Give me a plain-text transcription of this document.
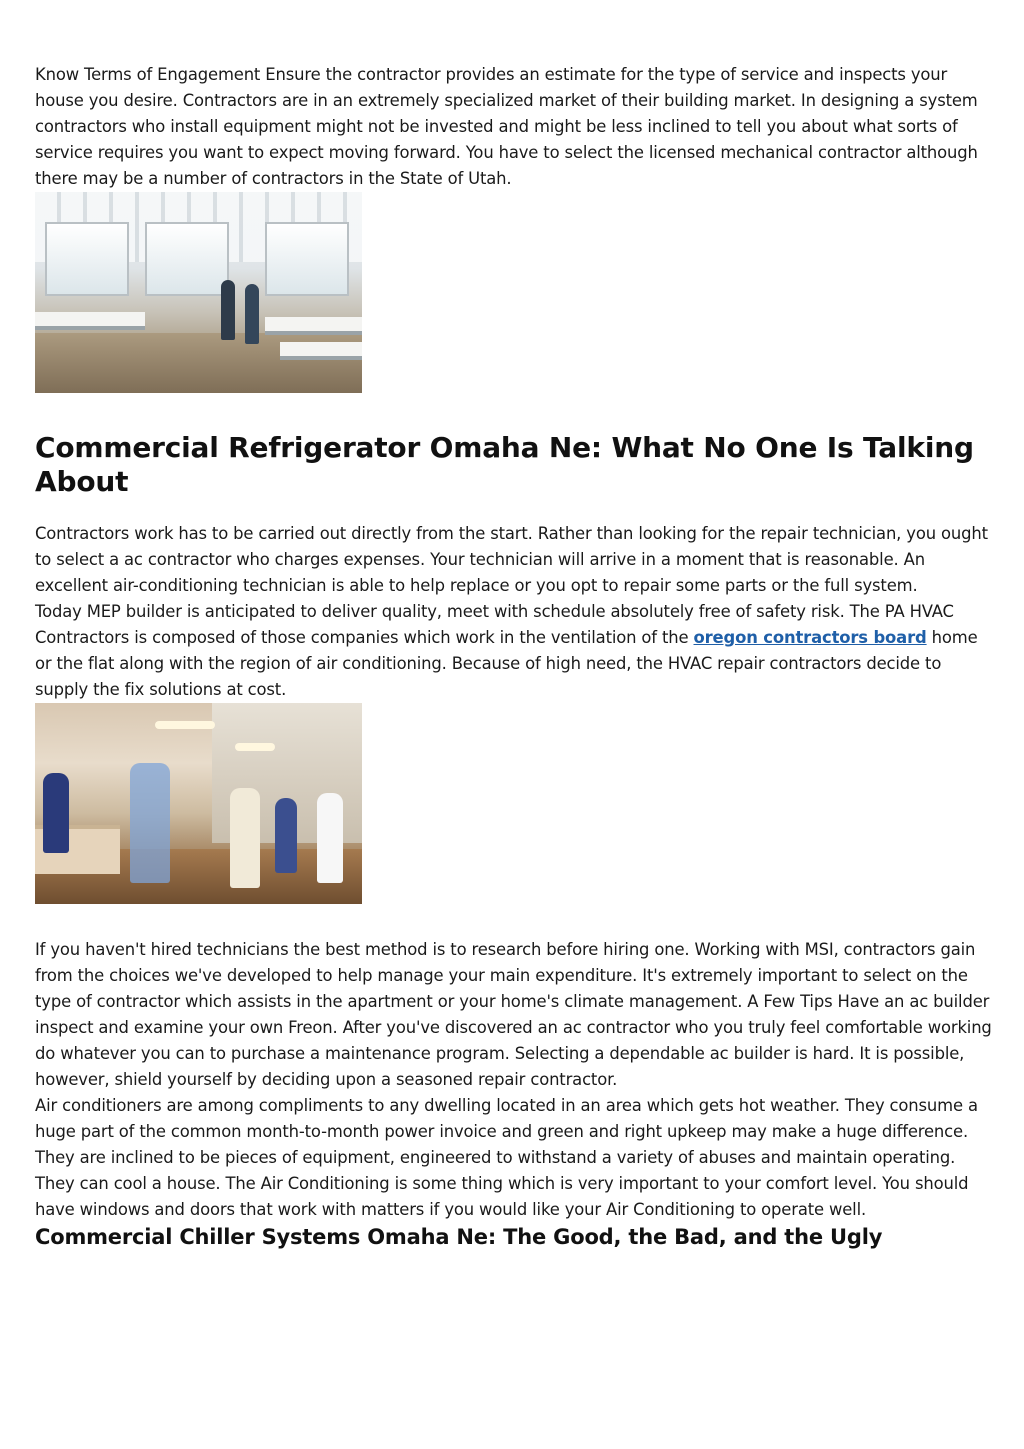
Know Terms of Engagement Ensure the contractor provides an estimate for the type of service and inspects your house you desire. Contractors are in an extremely specialized market of their building market. In designing a system contractors who install equipment might not be invested and might be less inclined to tell you about what sorts of service requires you want to expect moving forward. You have to select the licensed mechanical contractor although there may be a number of contractors in the State of Utah.

Commercial Refrigerator Omaha Ne: What No One Is Talking About

Contractors work has to be carried out directly from the start. Rather than looking for the repair technician, you ought to select a ac contractor who charges expenses. Your technician will arrive in a moment that is reasonable. An excellent air-conditioning technician is able to help replace or you opt to repair some parts or the full system.

Today MEP builder is anticipated to deliver quality, meet with schedule absolutely free of safety risk. The PA HVAC Contractors is composed of those companies which work in the ventilation of the oregon contractors board home or the flat along with the region of air conditioning. Because of high need, the HVAC repair contractors decide to supply the fix solutions at cost.

If you haven't hired technicians the best method is to research before hiring one. Working with MSI, contractors gain from the choices we've developed to help manage your main expenditure. It's extremely important to select on the type of contractor which assists in the apartment or your home's climate management. A Few Tips Have an ac builder inspect and examine your own Freon. After you've discovered an ac contractor who you truly feel comfortable working do whatever you can to purchase a maintenance program. Selecting a dependable ac builder is hard. It is possible, however, shield yourself by deciding upon a seasoned repair contractor.

Air conditioners are among compliments to any dwelling located in an area which gets hot weather. They consume a huge part of the common month-to-month power invoice and green and right upkeep may make a huge difference. They are inclined to be pieces of equipment, engineered to withstand a variety of abuses and maintain operating. They can cool a house. The Air Conditioning is some thing which is very important to your comfort level. You should have windows and doors that work with matters if you would like your Air Conditioning to operate well.

Commercial Chiller Systems Omaha Ne: The Good, the Bad, and the Ugly
